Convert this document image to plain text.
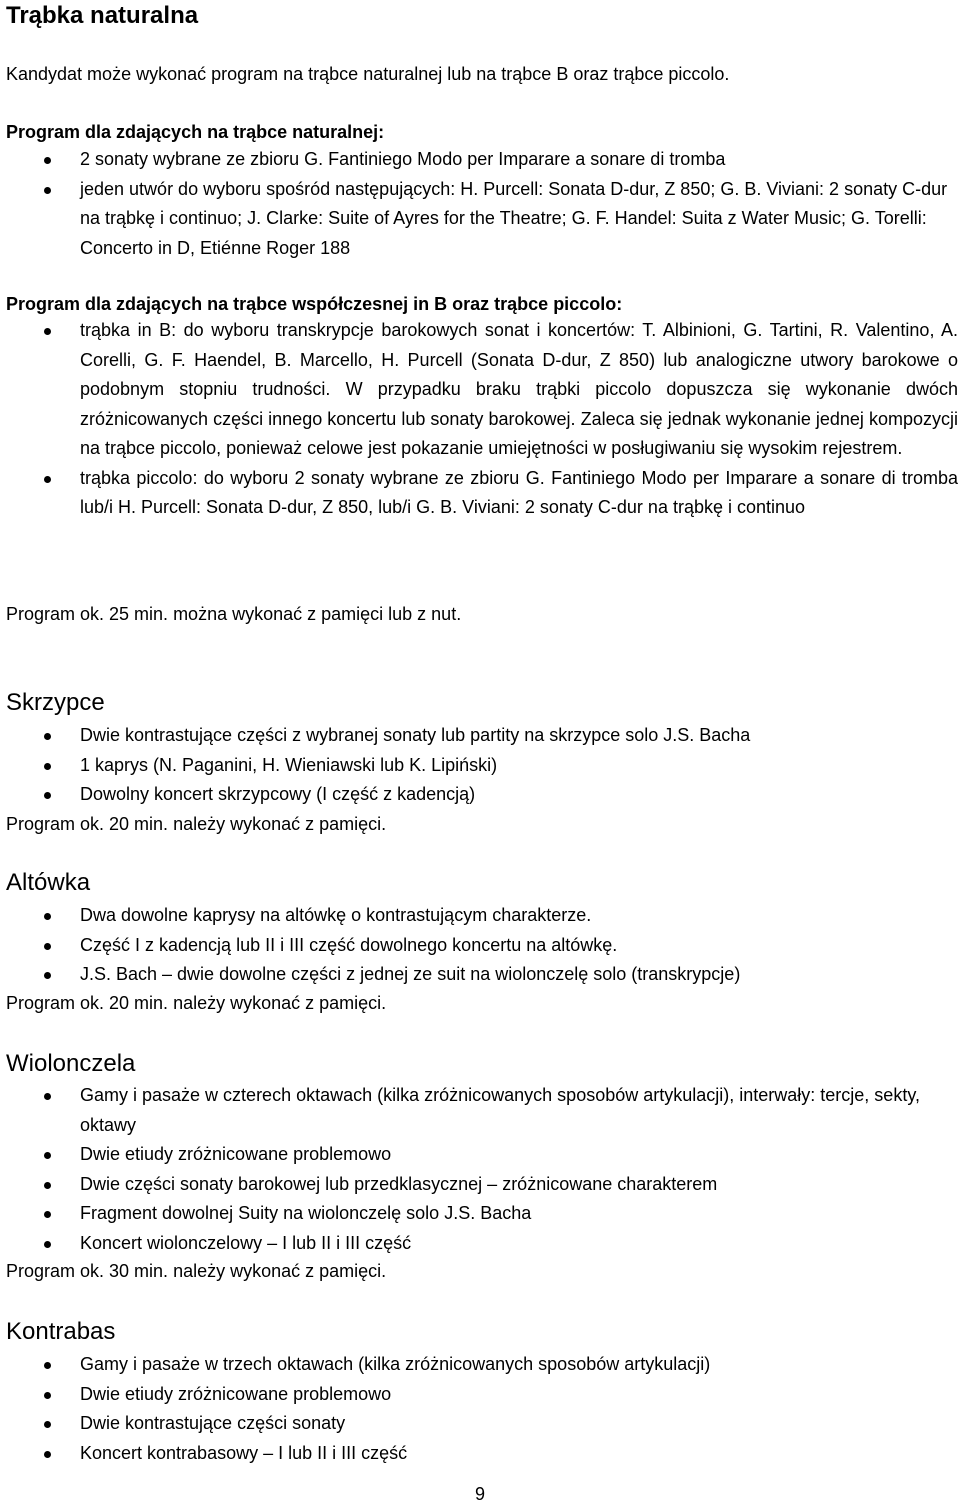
Trąbka naturalna

Kandydat może wykonać program na trąbce naturalnej lub na trąbce B oraz trąbce piccolo.

Program dla zdających na trąbce naturalnej:

2 sonaty wybrane ze zbioru G. Fantiniego Modo per Imparare a sonare di tromba
jeden utwór do wyboru spośród następujących: H. Purcell: Sonata D-dur, Z 850; G. B. Viviani: 2 sonaty C-dur na trąbkę i continuo; J. Clarke: Suite of Ayres for the Theatre; G. F. Handel: Suita z Water Music; G. Torelli: Concerto in D, Etiénne Roger 188

Program dla zdających na trąbce współczesnej in B oraz trąbce piccolo:

trąbka in B: do wyboru transkrypcje barokowych sonat i koncertów: T. Albinioni, G. Tartini, R. Valentino, A. Corelli, G. F. Haendel, B. Marcello, H. Purcell (Sonata D-dur, Z 850) lub analogiczne utwory barokowe o podobnym stopniu trudności. W przypadku braku trąbki piccolo dopuszcza się wykonanie dwóch zróżnicowanych części innego koncertu lub sonaty barokowej. Zaleca się jednak wykonanie jednej kompozycji na trąbce piccolo, ponieważ celowe jest pokazanie umiejętności w posługiwaniu się wysokim rejestrem.
trąbka piccolo: do wyboru 2 sonaty wybrane ze zbioru G. Fantiniego Modo per Imparare a sonare di tromba lub/i H. Purcell: Sonata D-dur, Z 850, lub/i G. B. Viviani: 2 sonaty C-dur na trąbkę i continuo

Program ok. 25 min. można wykonać z pamięci lub z nut.

Skrzypce
Dwie kontrastujące części z wybranej sonaty lub partity na skrzypce solo J.S. Bacha
1 kaprys (N. Paganini, H. Wieniawski lub K. Lipiński)
Dowolny koncert skrzypcowy (I część z kadencją)

Program ok. 20 min. należy wykonać z pamięci.

Altówka
Dwa dowolne kaprysy na altówkę o kontrastującym charakterze.
Część I z kadencją lub II i III część dowolnego koncertu na altówkę.
J.S. Bach – dwie dowolne części z jednej ze suit na wiolonczelę solo (transkrypcje)

Program ok. 20 min. należy wykonać z pamięci.

Wiolonczela
Gamy i pasaże w czterech oktawach (kilka zróżnicowanych sposobów artykulacji), interwały: tercje, sekty, oktawy
Dwie etiudy zróżnicowane problemowo
Dwie części sonaty barokowej lub przedklasycznej – zróżnicowane charakterem
Fragment dowolnej Suity na wiolonczelę solo J.S. Bacha
Koncert wiolonczelowy – I lub II i III część

Program ok. 30 min. należy wykonać z pamięci.

Kontrabas
Gamy i pasaże w trzech oktawach (kilka zróżnicowanych sposobów artykulacji)
Dwie etiudy zróżnicowane problemowo
Dwie kontrastujące części sonaty
Koncert kontrabasowy – I lub II i III część
9
